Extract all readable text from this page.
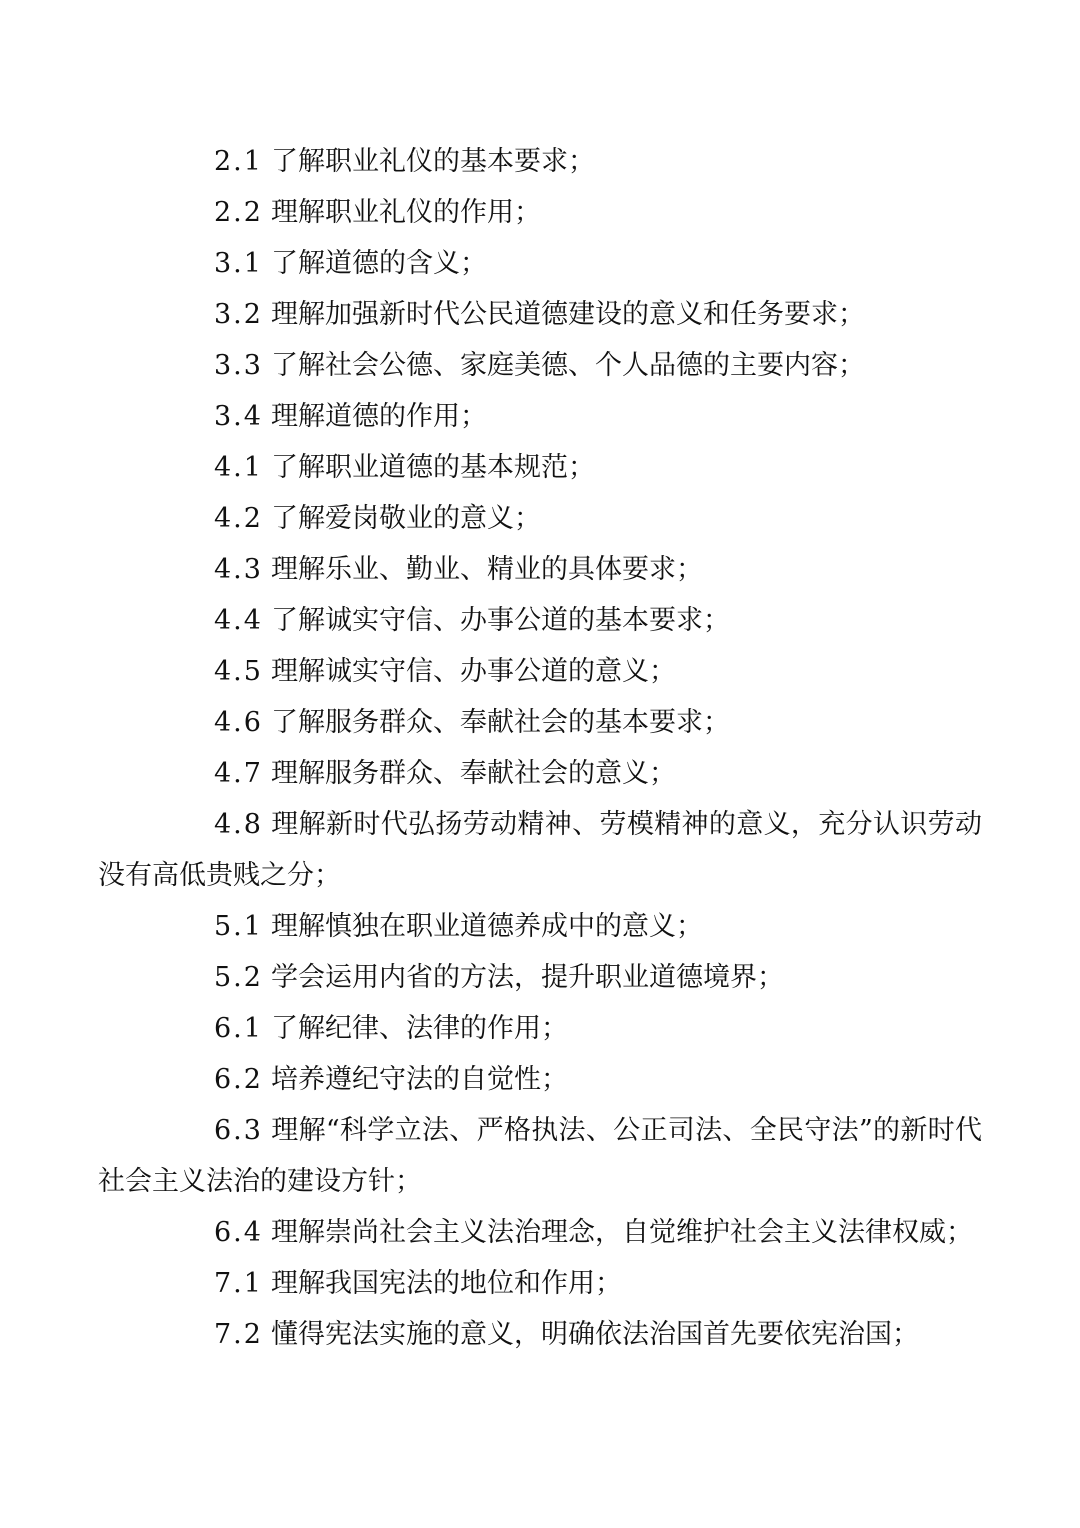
2.1 了解职业礼仪的基本要求；

2.2 理解职业礼仪的作用；

3.1 了解道德的含义；

3.2 理解加强新时代公民道德建设的意义和任务要求；

3.3 了解社会公德、家庭美德、个人品德的主要内容；

3.4 理解道德的作用；

4.1 了解职业道德的基本规范；

4.2 了解爱岗敬业的意义；

4.3 理解乐业、勤业、精业的具体要求；

4.4 了解诚实守信、办事公道的基本要求；

4.5 理解诚实守信、办事公道的意义；

4.6 了解服务群众、奉献社会的基本要求；

4.7 理解服务群众、奉献社会的意义；

4.8 理解新时代弘扬劳动精神、劳模精神的意义，充分认识劳动没有高低贵贱之分；

5.1 理解慎独在职业道德养成中的意义；

5.2 学会运用内省的方法，提升职业道德境界；

6.1 了解纪律、法律的作用；

6.2 培养遵纪守法的自觉性；

6.3 理解“科学立法、严格执法、公正司法、全民守法”的新时代社会主义法治的建设方针；

6.4 理解崇尚社会主义法治理念，自觉维护社会主义法律权威；

7.1 理解我国宪法的地位和作用；

7.2 懂得宪法实施的意义，明确依法治国首先要依宪治国；
